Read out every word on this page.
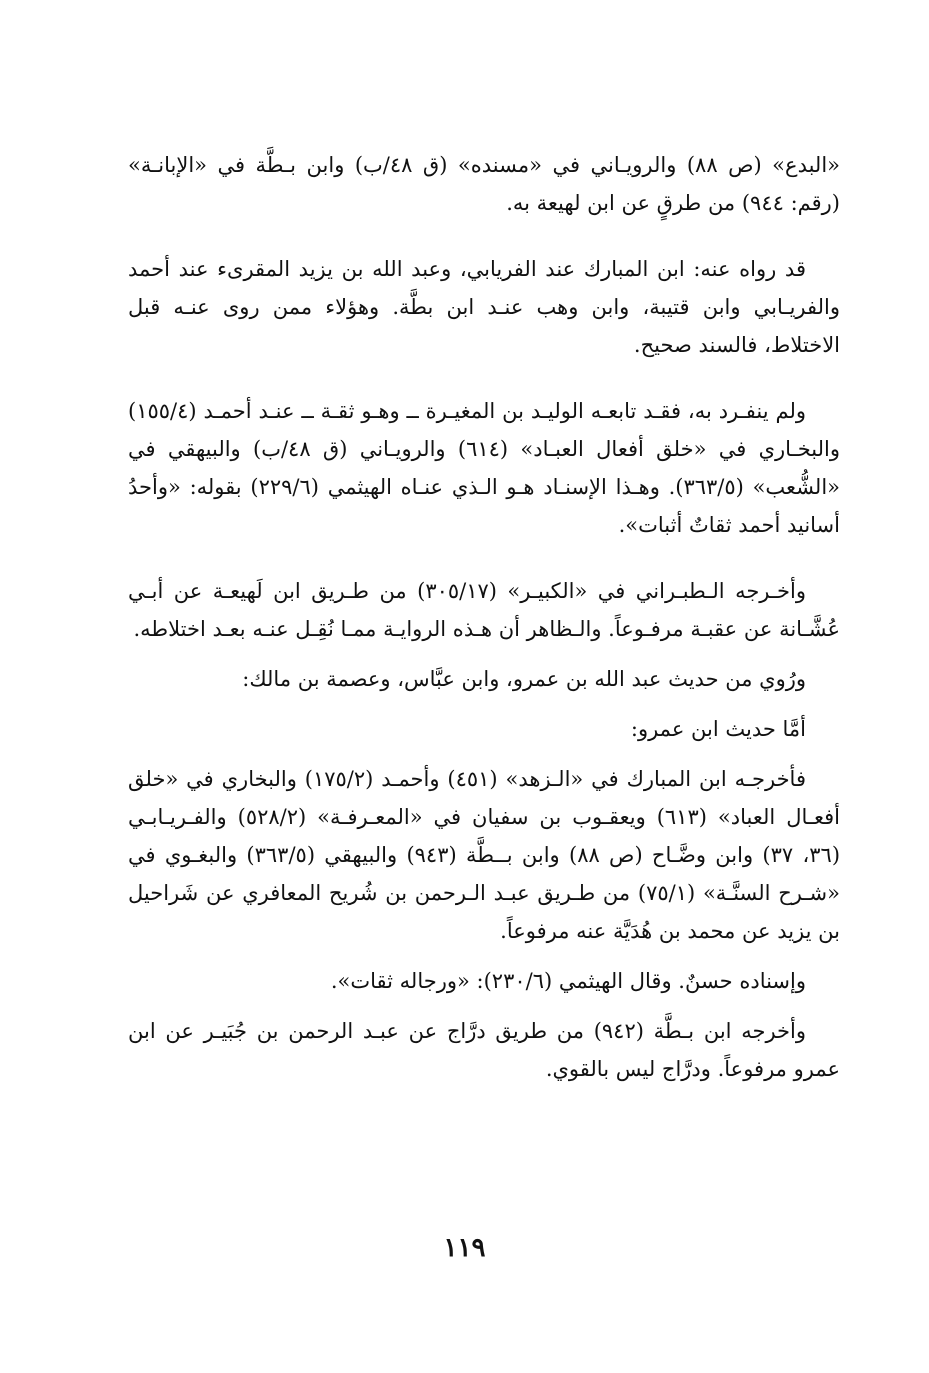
«البدع» (ص ٨٨) والرويـاني في «مسنده» (ق ٤٨/ب) وابن بـطَّة في «الإبانـة» (رقم: ٩٤٤) من طرقٍ عن ابن لهيعة به.

قد رواه عنه: ابن المبارك عند الفريابي، وعبد الله بن يزيد المقرىء عند أحمد والفريـابي وابن قتيبة، وابن وهب عنـد ابن بطَّة. وهؤلاء ممن روى عنـه قبل الاختلاط، فالسند صحيح.

ولم ينفـرد به، فقـد تابعـه الوليـد بن المغيـرة ــ وهـو ثقـة ــ عنـد أحمـد (١٥٥/٤) والبخـاري في «خلق أفعال العبـاد» (٦١٤) والرويـاني (ق ٤٨/ب) والبيهقي في «الشُّعب» (٣٦٣/٥). وهـذا الإسنـاد هـو الـذي عنـاه الهيثمي (٢٢٩/٦) بقوله: «وأحدُ أسانيد أحمد ثقاتٌ أثبات».

وأخـرجه الـطبـراني في «الكبيـر» (٣٠٥/١٧) من طـريق ابن لَهيعـة عن أبـي عُشَّـانة عن عقبـة مرفـوعاً. والـظاهر أن هـذه الروايـة ممـا نُقِـل عنـه بعـد اختلاطه.

ورُوي من حديث عبد الله بن عمرو، وابن عبَّاس، وعصمة بن مالك:

أمَّا حديث ابن عمرو:

فأخرجـه ابن المبارك في «الـزهد» (٤٥١) وأحمـد (١٧٥/٢) والبخاري في «خلق أفعـال العباد» (٦١٣) ويعقـوب بن سفيان في «المعـرفـة» (٥٢٨/٢) والفـريـابـي (٣٦، ٣٧) وابن وضَّـاح (ص ٨٨) وابن بــطَّة (٩٤٣) والبيهقي (٣٦٣/٥) والبغـوي في «شـرح السنَّـة» (٧٥/١) من طـريق عبـد الـرحمن بن شُريح المعافري عن شَراحيل بن يزيد عن محمد بن هُدَيَّة عنه مرفوعاً.

وإسناده حسنٌ. وقال الهيثمي (٢٣٠/٦): «ورجاله ثقات».

وأخرجه ابن بـطَّة (٩٤٢) من طريق درَّاج عن عبـد الرحمن بن جُبَيـر عن ابن عمرو مرفوعاً. ودرَّاج ليس بالقوي.

١١٩
